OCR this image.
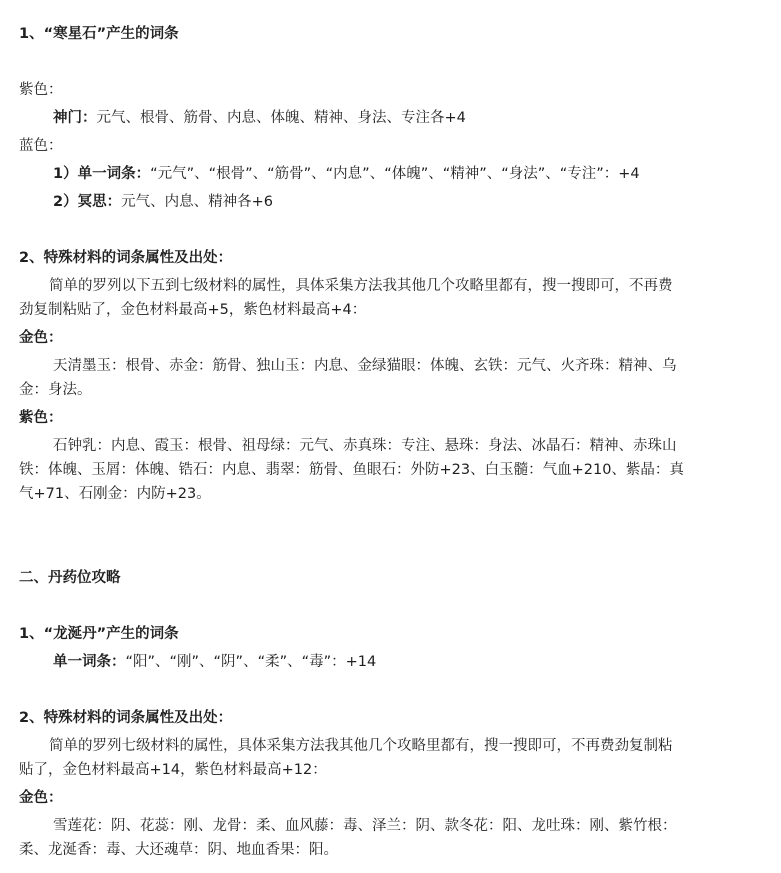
1、“寒星石”产生的词条
紫色：
神门：元气、根骨、筋骨、内息、体魄、精神、身法、专注各+4
蓝色：
1）单一词条：“元气”、“根骨”、“筋骨”、“内息”、“体魄”、“精神”、“身法”、“专注”：+4
2）冥思：元气、内息、精神各+6
2、特殊材料的词条属性及出处：
简单的罗列以下五到七级材料的属性，具体采集方法我其他几个攻略里都有，搜一搜即可，不再费
劲复制粘贴了，金色材料最高+5，紫色材料最高+4：
金色：
天清墨玉：根骨、赤金：筋骨、独山玉：内息、金绿猫眼：体魄、玄铁：元气、火齐珠：精神、乌
金：身法。
紫色：
石钟乳：内息、霞玉：根骨、祖母绿：元气、赤真珠：专注、悬珠：身法、冰晶石：精神、赤珠山
铁：体魄、玉屑：体魄、锆石：内息、翡翠：筋骨、鱼眼石：外防+23、白玉髓：气血+210、紫晶：真
气+71、石刚金：内防+23。
二、丹药位攻略
1、“龙涎丹”产生的词条
单一词条：“阳”、“刚”、“阴”、“柔”、“毒”：+14
2、特殊材料的词条属性及出处：
简单的罗列七级材料的属性，具体采集方法我其他几个攻略里都有，搜一搜即可，不再费劲复制粘
贴了，金色材料最高+14，紫色材料最高+12：
金色：
雪莲花：阴、花蕊：刚、龙骨：柔、血风藤：毒、泽兰：阴、款冬花：阳、龙吐珠：刚、紫竹根：
柔、龙涎香：毒、大还魂草：阴、地血香果：阳。
